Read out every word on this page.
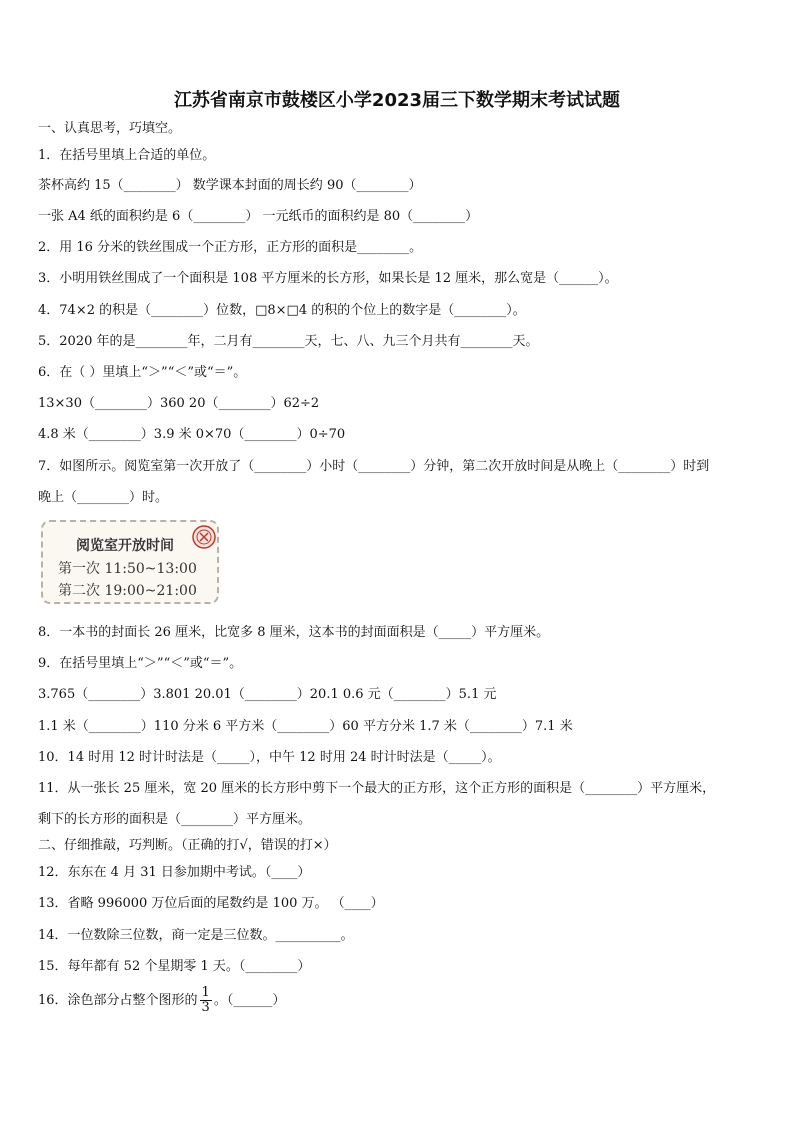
江苏省南京市鼓楼区小学2023届三下数学期末考试试题
一、认真思考，巧填空。
1．在括号里填上合适的单位。
茶杯高约 15（________） 数学课本封面的周长约 90（________）
一张 A4 纸的面积约是 6（________） 一元纸币的面积约是 80（________）
2．用 16 分米的铁丝围成一个正方形，正方形的面积是________。
3．小明用铁丝围成了一个面积是 108 平方厘米的长方形，如果长是 12 厘米，那么宽是（______）。
4．74×2 的积是（________）位数，□8×□4 的积的个位上的数字是（________）。
5．2020 年的是________年，二月有________天，七、八、九三个月共有________天。
6．在（ ）里填上“＞”“＜”或“＝”。
13×30（________）360 20（________）62÷2
4.8 米（________）3.9 米 0×70（________）0÷70
7．如图所示。阅览室第一次开放了（________）小时（________）分钟，第二次开放时间是从晚上（________）时到
晚上（________）时。
阅览室开放时间
第一次 11:50~13:00
第二次 19:00~21:00
8．一本书的封面长 26 厘米，比宽多 8 厘米，这本书的封面面积是（_____）平方厘米。
9．在括号里填上“＞”“＜”或“＝”。
3.765（________）3.801 20.01（________）20.1 0.6 元（________）5.1 元
1.1 米（________）110 分米 6 平方米（________）60 平方分米 1.7 米（________）7.1 米
10．14 时用 12 时计时法是（_____），中午 12 时用 24 时计时法是（_____）。
11．从一张长 25 厘米，宽 20 厘米的长方形中剪下一个最大的正方形，这个正方形的面积是（________）平方厘米，
剩下的长方形的面积是（________）平方厘米。
二、仔细推敲，巧判断。（正确的打√，错误的打×）
12．东东在 4 月 31 日参加期中考试。（____）
13．省略 996000 万位后面的尾数约是 100 万。 （____）
14．一位数除三位数，商一定是三位数。__________。
15．每年都有 52 个星期零 1 天。（________）
16．涂色部分占整个图形的 $\frac{1}{3}$ 。（______）
